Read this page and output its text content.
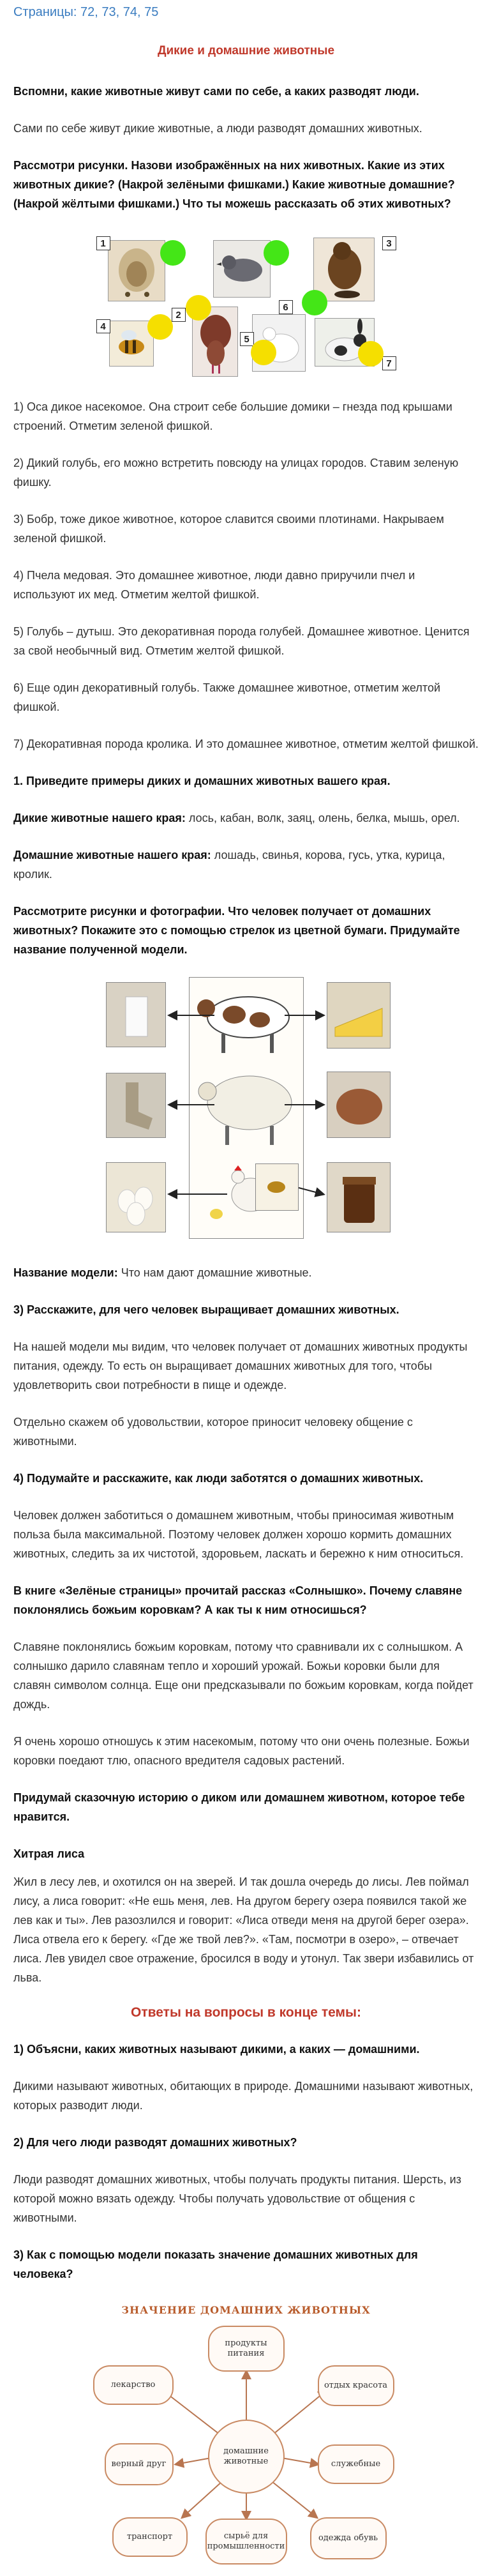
Страницы: 72, 73, 74, 75
Дикие и домашние животные

Вспомни, какие животные живут сами по себе, а каких разводят люди.

Сами по себе живут дикие животные, а люди разводят домашних животных.

Рассмотри рисунки. Назови изображённых на них животных. Какие из этих животных дикие? (Накрой зелёными фишками.) Какие животные домашние? (Накрой жёлтыми фишками.) Что ты можешь рассказать об этих животных?

1
2
3
4
5
6
7

1) Оса дикое насекомое. Она строит себе большие домики – гнезда под крышами строений. Отметим зеленой фишкой.

2) Дикий голубь, его можно встретить повсюду на улицах городов. Ставим зеленую фишку.

3) Бобр, тоже дикое животное, которое славится своими плотинами. Накрываем зеленой фишкой.

4) Пчела медовая. Это домашнее животное, люди давно приручили пчел и используют их мед. Отметим желтой фишкой.

5) Голубь – дутыш. Это декоративная порода голубей. Домашнее животное. Ценится за свой необычный вид. Отметим желтой фишкой.

6) Еще один декоративный голубь. Также домашнее животное, отметим желтой фишкой.

7) Декоративная порода кролика. И это домашнее животное, отметим желтой фишкой.

1. Приведите примеры диких и домашних животных вашего края.

Дикие животные нашего края: лось, кабан, волк, заяц, олень, белка, мышь, орел.

Домашние животные нашего края: лошадь, свинья, корова, гусь, утка, курица, кролик.

Рассмотрите рисунки и фотографии. Что человек получает от домашних животных? Покажите это с помощью стрелок из цветной бумаги. Придумайте название полученной модели.

Название модели: Что нам дают домашние животные.

3) Расскажите, для чего человек выращивает домашних животных.

На нашей модели мы видим, что человек получает от домашних животных продукты питания, одежду. То есть он выращивает домашних животных для того, чтобы удовлетворить свои потребности в пище и одежде.

Отдельно скажем об удовольствии, которое приносит человеку общение с животными.

4) Подумайте и расскажите, как люди заботятся о домашних животных.

Человек должен заботиться о домашнем животным, чтобы приносимая животным польза была максимальной. Поэтому человек должен хорошо кормить домашних животных, следить за их чистотой, здоровьем, ласкать и бережно к ним относиться.

В книге «Зелёные страницы» прочитай рассказ «Солнышко». Почему славяне поклонялись божьим коровкам? А как ты к ним относишься?

Славяне поклонялись божьим коровкам, потому что сравнивали их с солнышком. А солнышко дарило славянам тепло и хороший урожай. Божьи коровки были для славян символом солнца. Еще они предсказывали по божьим коровкам, когда пойдет дождь.

Я очень хорошо отношусь к этим насекомым, потому что они очень полезные. Божьи коровки поедают тлю, опасного вредителя садовых растений.

Придумай сказочную историю о диком или домашнем животном, которое тебе нравится.

Хитрая лиса

Жил в лесу лев, и охотился он на зверей. И так дошла очередь до лисы. Лев поймал лису, а лиса говорит: «Не ешь меня, лев. На другом берегу озера появился такой же лев как и ты». Лев разозлился и говорит: «Лиса отведи меня на другой берег озера». Лиса отвела его к берегу. «Где же твой лев?». «Там, посмотри в озеро», – отвечает лиса. Лев увидел свое отражение, бросился в воду и утонул. Так звери избавились от льва.

Ответы на вопросы в конце темы:

1) Объясни, каких животных называют дикими, а каких — домашними.

Дикими называют животных, обитающих в природе. Домашними называют животных, которых разводит люди.

2) Для чего люди разводят домашних животных?

Люди разводят домашних животных, чтобы получать продукты питания. Шерсть, из которой можно вязать одежду. Чтобы получать удовольствие от общения с животными.

3) Как с помощью модели показать значение домашних животных для человека?

ЗНАЧЕНИЕ ДОМАШНИХ ЖИВОТНЫХ
домашние животные
лекарство
продукты питания
отдых красота
верный друг	служебные
транспорт	сырьё для промышленности
одежда обувь
